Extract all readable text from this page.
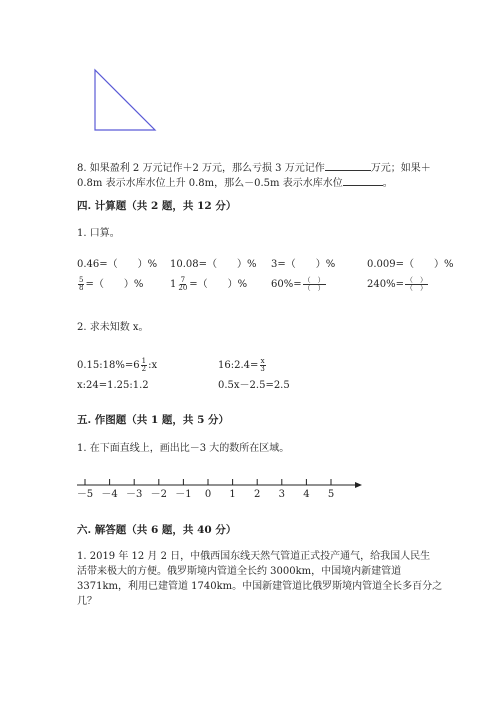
8. 如果盈利 2 万元记作＋2 万元，那么亏损 3 万元记作	万元；如果＋
0.8m 表示水库水位上升 0.8m，那么－0.5m 表示水库水位	。
四. 计算题（共 2 题，共 12 分）
1. 口算。
0.46=（　　）% 10.08=（　　）% 3=（　　）%	0.009=（　　）%
$\frac{5}{8}$ =（　　）%	$1 \frac{7}{20}$ =（　　）% $60\%= \frac{( )}{( )}$	$240\%= \frac{( )}{( )}$
2. 求未知数 x。
0.15:18%=6 $\frac{1}{2}$ :x	16:2.4= $\frac{x}{3}$
x:24=1.25:1.2	0.5x－2.5=2.5
五. 作图题（共 1 题，共 5 分）
1. 在下面直线上，画出比－3 大的数所在区域。
－5 －4 －3 －2 －1	0	1	2	3	4	5
六. 解答题（共 6 题，共 40 分）
1. 2019 年 12 月 2 日，中俄西国东线天然气管道正式投产通气，给我国人民生
活带来极大的方便。俄罗斯境内管道全长约 3000km，中国境内新建管道
3371km，利用已建管道 1740km。中国新建管道比俄罗斯境内管道全长多百分之
几？
